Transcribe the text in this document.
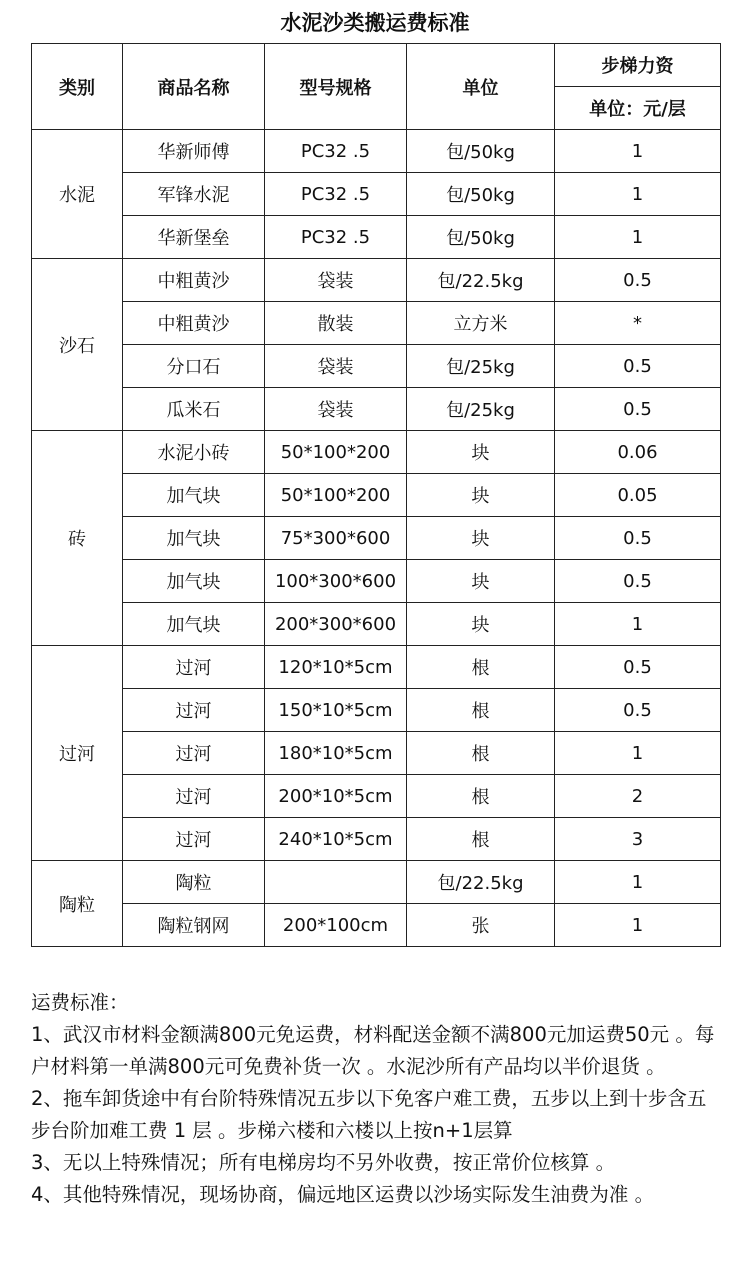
水泥沙类搬运费标准
类别	商品名称	型号规格	单位	步梯力资
				单位：元/层
水泥	华新师傅	PC32 .5	包/50kg	1
	军锋水泥	PC32 .5	包/50kg	1
	华新堡垒	PC32 .5	包/50kg	1
沙石	中粗黄沙	袋装	包/22.5kg	0.5
	中粗黄沙	散装	立方米	*
	分口石	袋装	包/25kg	0.5
	瓜米石	袋装	包/25kg	0.5
砖	水泥小砖	50*100*200	块	0.06
	加气块	50*100*200	块	0.05
	加气块	75*300*600	块	0.5
	加气块	100*300*600	块	0.5
	加气块	200*300*600	块	1
过河	过河	120*10*5cm	根	0.5
	过河	150*10*5cm	根	0.5
	过河	180*10*5cm	根	1
	过河	200*10*5cm	根	2
	过河	240*10*5cm	根	3
陶粒	陶粒		包/22.5kg	1
	陶粒钢网	200*100cm	张	1

运费标准：

1、武汉市材料金额满800元免运费，材料配送金额不满800元加运费50元 。每户材料第一单满800元可免费补货一次 。水泥沙所有产品均以半价退货 。

2、拖车卸货途中有台阶特殊情况五步以下免客户难工费，五步以上到十步含五步台阶加难工费 1 层 。步梯六楼和六楼以上按n+1层算

3、无以上特殊情况；所有电梯房均不另外收费，按正常价位核算 。

4、其他特殊情况，现场协商，偏远地区运费以沙场实际发生油费为准 。
